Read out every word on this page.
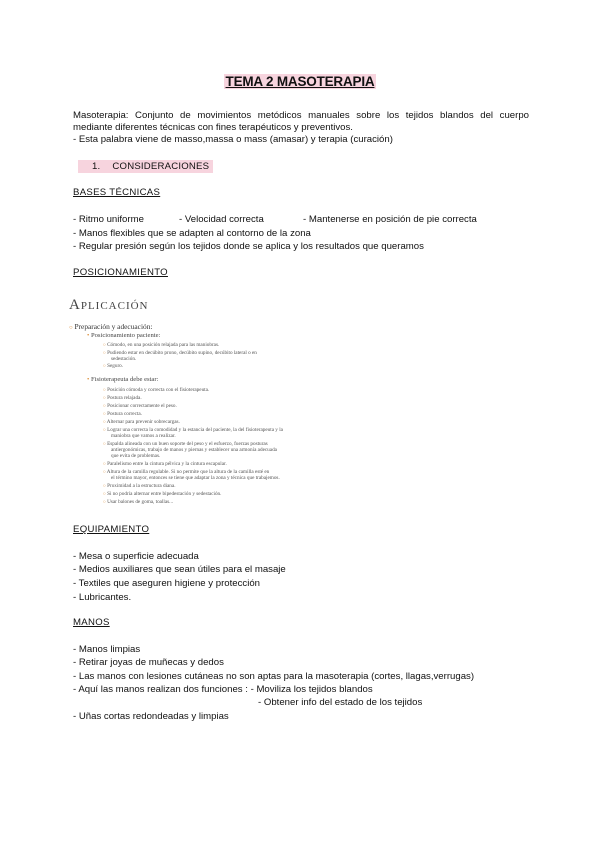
TEMA 2 MASOTERAPIA
Masoterapia: Conjunto de movimientos metódicos manuales sobre los tejidos blandos del cuerpo
mediante diferentes técnicas con fines terapéuticos y preventivos.
- Esta palabra viene de masso,massa o mass (amasar) y terapia (curación)
1. CONSIDERACIONES
BASES TÉCNICAS
- Ritmo uniforme	- Velocidad correcta	- Mantenerse en posición de pie correcta
- Manos flexibles que se adapten al contorno de la zona
- Regular presión según los tejidos donde se aplica y los resultados que queramos
POSICIONAMIENTO
Aplicación
○ Preparación y adecuación:
• Posicionamiento paciente:
○ Cómodo, en una posición relajada para las maniobras.
○ Pudiendo estar en decúbito prono, decúbito supino, decúbito lateral o en
sedestación.
○ Seguro.
• Fisioterapeuta debe estar:
○ Posición cómoda y correcta con el fisioterapeuta.
○ Postura relajada.
○ Posicionar correctamente el peso.
○ Postura correcta.
○ Alternar para prevenir sobrecargas.
○ Lograr una correcta la comodidad y la estancia del paciente, la del fisioterapeuta y la
maniobra que vamos a realizar.
○ Espalda alineada con un buen soporte del peso y el esfuerzo, fuerzas posturas
antiergonómicas, trabajo de manos y piernas y establecer una armonía adecuada
que evita de problemas.
○ Paralelismo entre la cintura pélvica y la cintura escapular.
○ Altura de la camilla regulable. Si no permite que la altura de la camilla esté en
el término mayor, entonces se tiene que adaptar la zona y técnica que trabajemos.
○ Proximidad a la estructura diana.
○ Si no podría alternar entre bipedestación y sedestación.
○ Usar balones de goma, toallas...
EQUIPAMIENTO
- Mesa o superficie adecuada
- Medios auxiliares que sean útiles para el masaje
- Textiles que aseguren higiene y protección
- Lubricantes.
MANOS
- Manos limpias
- Retirar joyas de muñecas y dedos
- Las manos con lesiones cutáneas no son aptas para la masoterapia (cortes, llagas,verrugas)
- Aquí las manos realizan dos funciones : - Moviliza los tejidos blandos
- Obtener info del estado de los tejidos
- Uñas cortas redondeadas y limpias
